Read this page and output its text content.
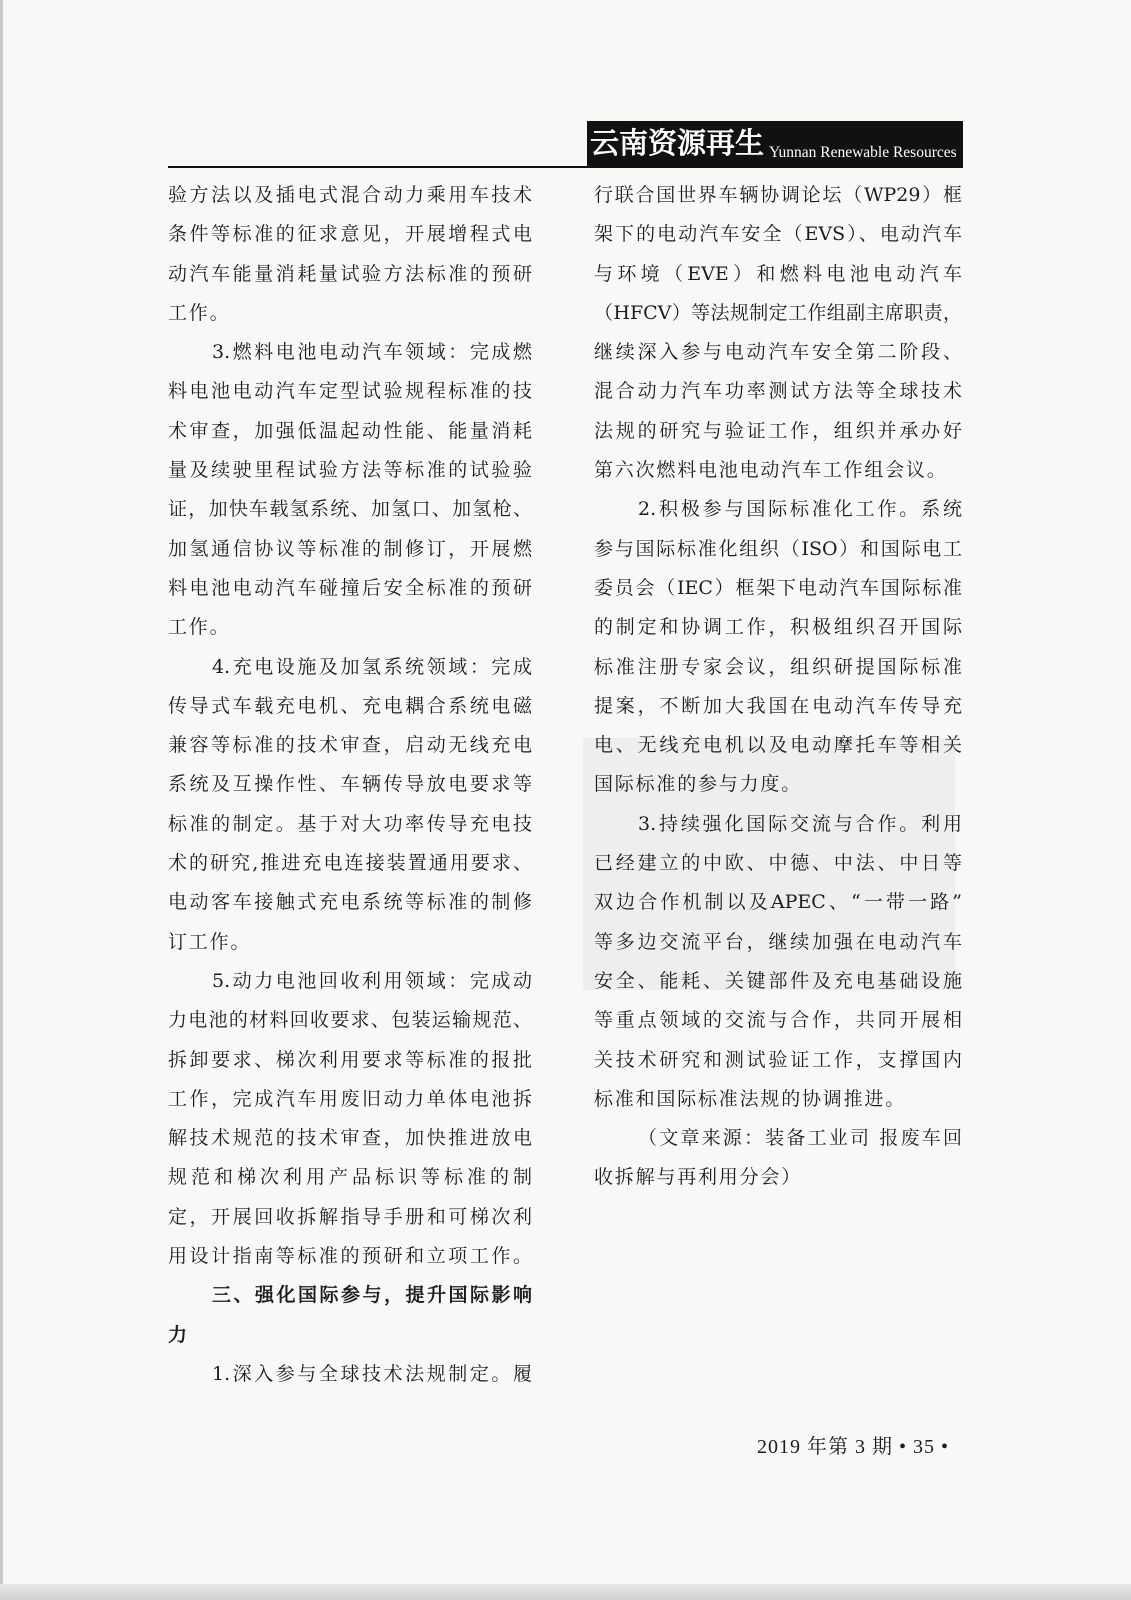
云南资源再生 Yunnan Renewable Resources
验方法以及插电式混合动力乘用车技术
条件等标准的征求意见，开展增程式电
动汽车能量消耗量试验方法标准的预研
工作。
3.燃料电池电动汽车领域：完成燃
料电池电动汽车定型试验规程标准的技
术审查，加强低温起动性能、能量消耗
量及续驶里程试验方法等标准的试验验
证，加快车载氢系统、加氢口、加氢枪、
加氢通信协议等标准的制修订，开展燃
料电池电动汽车碰撞后安全标准的预研
工作。
4.充电设施及加氢系统领域：完成
传导式车载充电机、充电耦合系统电磁
兼容等标准的技术审查，启动无线充电
系统及互操作性、车辆传导放电要求等
标准的制定。基于对大功率传导充电技
术的研究,推进充电连接装置通用要求、
电动客车接触式充电系统等标准的制修
订工作。
5.动力电池回收利用领域：完成动
力电池的材料回收要求、包装运输规范、
拆卸要求、梯次利用要求等标准的报批
工作，完成汽车用废旧动力单体电池拆
解技术规范的技术审查，加快推进放电
规范和梯次利用产品标识等标准的制
定，开展回收拆解指导手册和可梯次利
用设计指南等标准的预研和立项工作。
三、强化国际参与，提升国际影响
力
1.深入参与全球技术法规制定。履
行联合国世界车辆协调论坛（WP29）框
架下的电动汽车安全（EVS）、电动汽车
与环境（EVE）和燃料电池电动汽车
（HFCV）等法规制定工作组副主席职责，
继续深入参与电动汽车安全第二阶段、
混合动力汽车功率测试方法等全球技术
法规的研究与验证工作，组织并承办好
第六次燃料电池电动汽车工作组会议。
2.积极参与国际标准化工作。系统
参与国际标准化组织（ISO）和国际电工
委员会（IEC）框架下电动汽车国际标准
的制定和协调工作，积极组织召开国际
标准注册专家会议，组织研提国际标准
提案，不断加大我国在电动汽车传导充
电、无线充电机以及电动摩托车等相关
国际标准的参与力度。
3.持续强化国际交流与合作。利用
已经建立的中欧、中德、中法、中日等
双边合作机制以及APEC、“一带一路”
等多边交流平台，继续加强在电动汽车
安全、能耗、关键部件及充电基础设施
等重点领域的交流与合作，共同开展相
关技术研究和测试验证工作，支撑国内
标准和国际标准法规的协调推进。
（文章来源：装备工业司 报废车回
收拆解与再利用分会）
2019 年第 3 期 • 35 •
